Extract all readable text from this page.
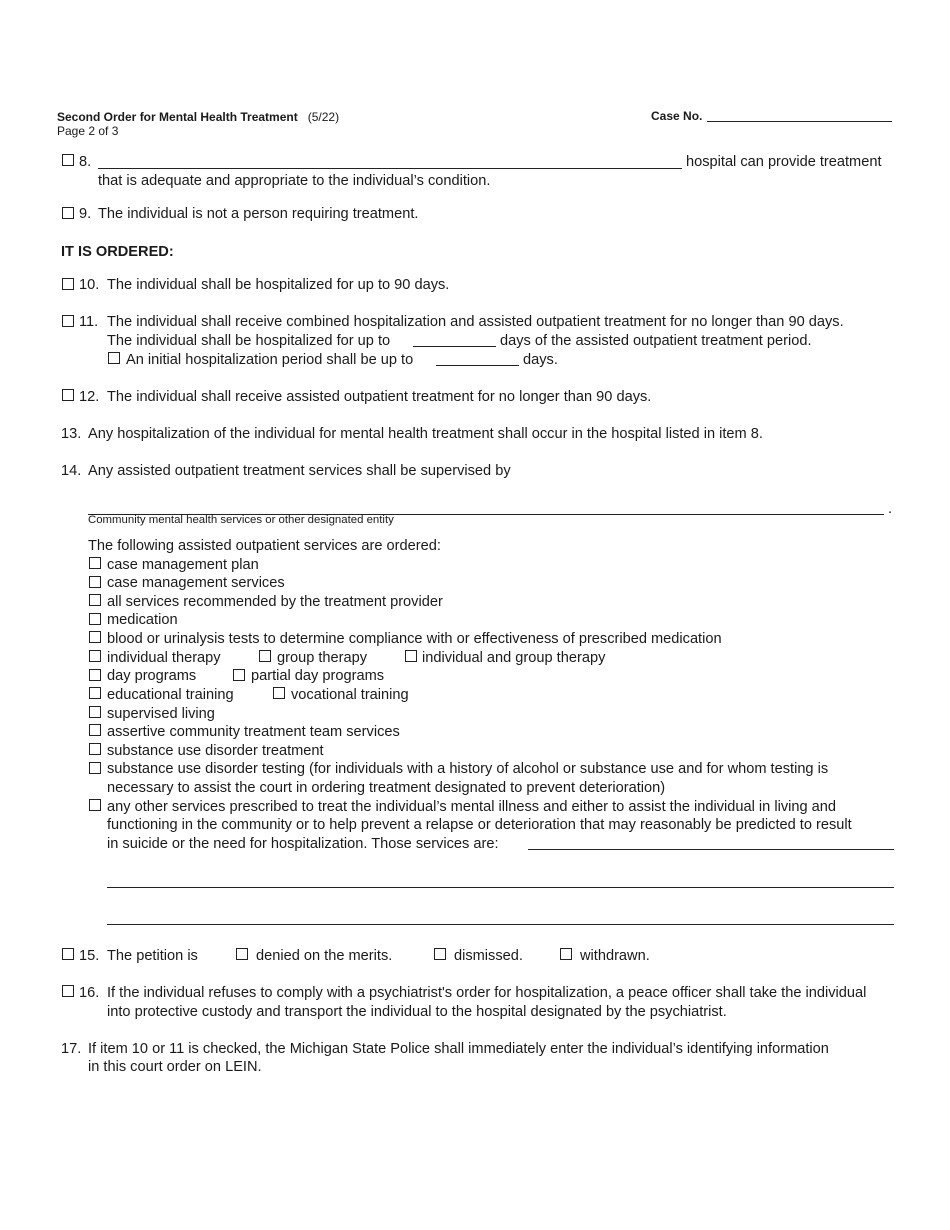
Second Order for Mental Health Treatment (5/22)
Page 2 of 3
Case No.
8.	hospital can provide treatment
that is adequate and appropriate to the individual’s condition.
9. The individual is not a person requiring treatment.
IT IS ORDERED:
10. The individual shall be hospitalized for up to 90 days.
11. The individual shall receive combined hospitalization and assisted outpatient treatment for no longer than 90 days.
The individual shall be hospitalized for up to	days of the assisted outpatient treatment period.
An initial hospitalization period shall be up to	days.
12. The individual shall receive assisted outpatient treatment for no longer than 90 days.
13. Any hospitalization of the individual for mental health treatment shall occur in the hospital listed in item 8.
14. Any assisted outpatient treatment services shall be supervised by
.
Community mental health services or other designated entity
The following assisted outpatient services are ordered:
case management plan
case management services
all services recommended by the treatment provider
medication
blood or urinalysis tests to determine compliance with or effectiveness of prescribed medication
individual therapy	group therapy	individual and group therapy
day programs	partial day programs
educational training	vocational training
supervised living
assertive community treatment team services
substance use disorder treatment
substance use disorder testing (for individuals with a history of alcohol or substance use and for whom testing is
necessary to assist the court in ordering treatment designated to prevent deterioration)
any other services prescribed to treat the individual’s mental illness and either to assist the individual in living and
functioning in the community or to help prevent a relapse or deterioration that may reasonably be predicted to result
in suicide or the need for hospitalization. Those services are:
15. The petition is	denied on the merits.	dismissed.	withdrawn.
16. If the individual refuses to comply with a psychiatrist's order for hospitalization, a peace officer shall take the individual
into protective custody and transport the individual to the hospital designated by the psychiatrist.
17. If item 10 or 11 is checked, the Michigan State Police shall immediately enter the individual’s identifying information
in this court order on LEIN.
